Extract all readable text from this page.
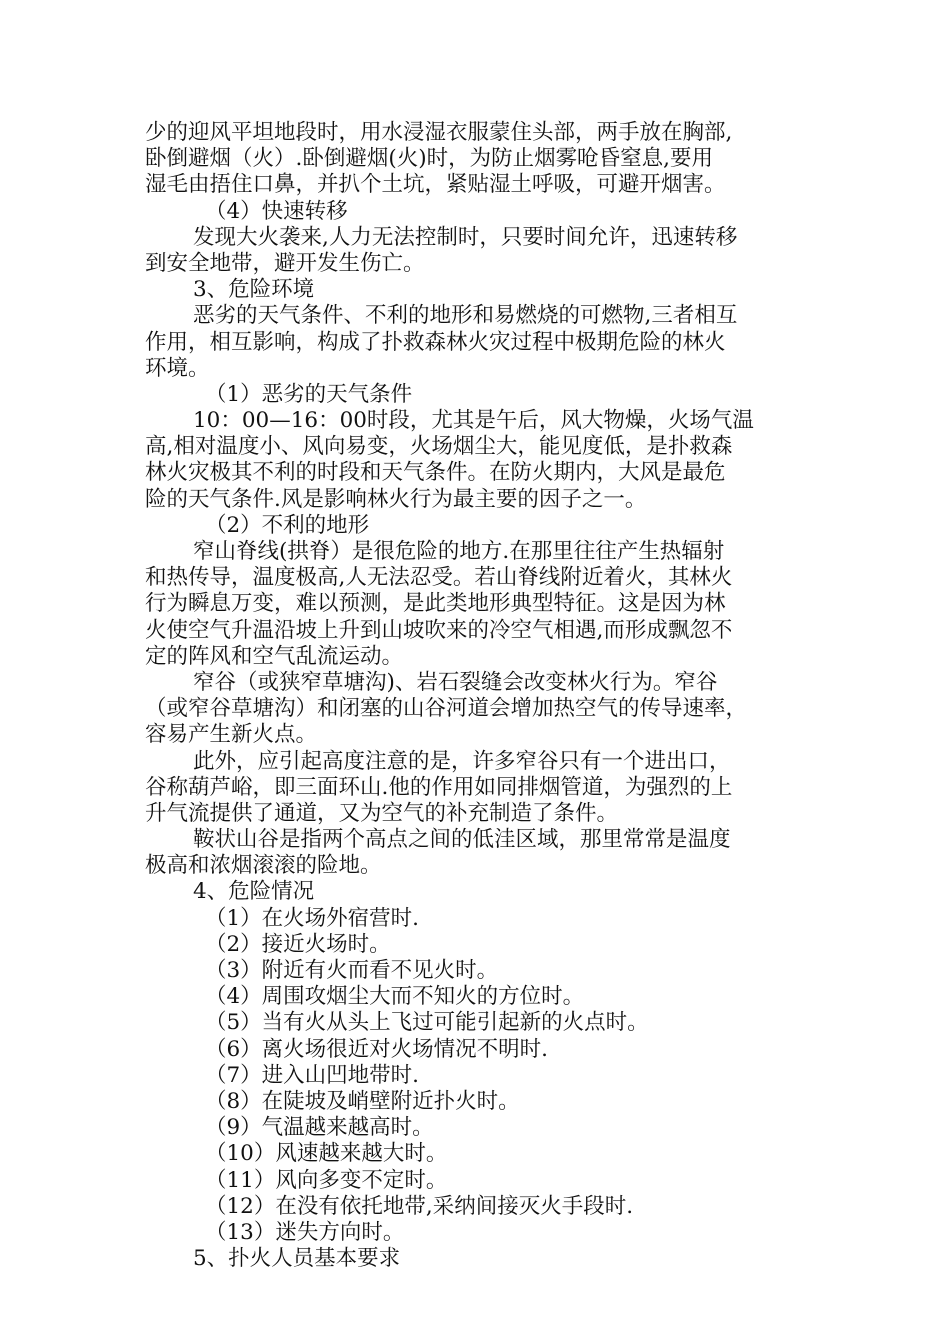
少的迎风平坦地段时，用水浸湿衣服蒙住头部，两手放在胸部,
卧倒避烟（火）.卧倒避烟(火)时，为防止烟雾呛昏窒息,要用
湿毛由捂住口鼻，并扒个土坑，紧贴湿土呼吸，可避开烟害。
（4）快速转移
发现大火袭来,人力无法控制时，只要时间允许，迅速转移
到安全地带，避开发生伤亡。
3、危险环境
恶劣的天气条件、不利的地形和易燃烧的可燃物,三者相互
作用，相互影响，构成了扑救森林火灾过程中极期危险的林火
环境。
（1）恶劣的天气条件
10：00—16：00时段，尤其是午后，风大物燥，火场气温
高,相对温度小、风向易变，火场烟尘大，能见度低，是扑救森
林火灾极其不利的时段和天气条件。在防火期内，大风是最危
险的天气条件.风是影响林火行为最主要的因子之一。
（2）不利的地形
窄山脊线(拱脊）是很危险的地方.在那里往往产生热辐射
和热传导，温度极高,人无法忍受。若山脊线附近着火，其林火
行为瞬息万变，难以预测，是此类地形典型特征。这是因为林
火使空气升温沿坡上升到山坡吹来的冷空气相遇,而形成飘忽不
定的阵风和空气乱流运动。
窄谷（或狭窄草塘沟)、岩石裂缝会改变林火行为。窄谷
（或窄谷草塘沟）和闭塞的山谷河道会增加热空气的传导速率，
容易产生新火点。
此外，应引起高度注意的是，许多窄谷只有一个进出口，
谷称葫芦峪，即三面环山.他的作用如同排烟管道，为强烈的上
升气流提供了通道，又为空气的补充制造了条件。
鞍状山谷是指两个高点之间的低洼区域，那里常常是温度
极高和浓烟滚滚的险地。
4、危险情况
（1）在火场外宿营时.
（2）接近火场时。
（3）附近有火而看不见火时。
（4）周围攻烟尘大而不知火的方位时。
（5）当有火从头上飞过可能引起新的火点时。
（6）离火场很近对火场情况不明时.
（7）进入山凹地带时.
（8）在陡坡及峭壁附近扑火时。
（9）气温越来越高时。
（10）风速越来越大时。
（11）风向多变不定时。
（12）在没有依托地带,采纳间接灭火手段时.
（13）迷失方向时。
5、扑火人员基本要求
